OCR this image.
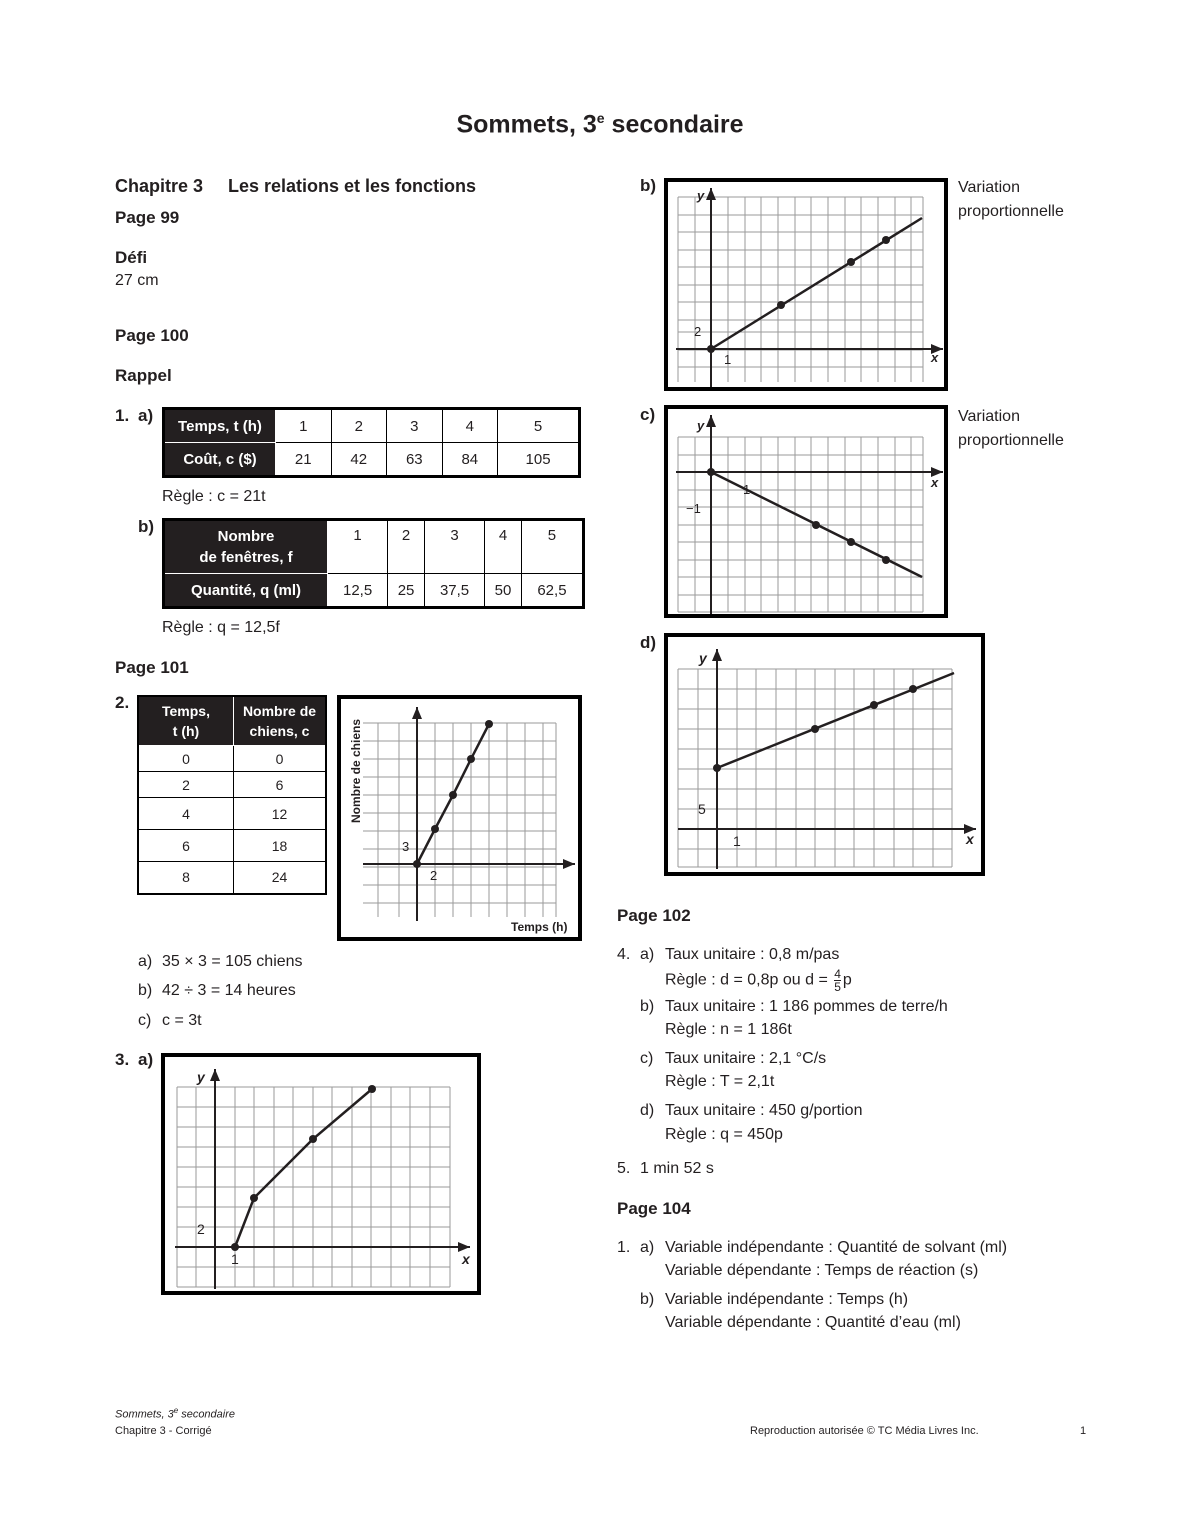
Sommets, 3e secondaire
Chapitre 3 Les relations et les fonctions
Page 99
Défi
27 cm
Page 100
Rappel
1. a)
Temps, t (h)	1	2	3	4	5
Coût, c ($)	21	42	63	84	105
Règle : c = 21t
b)
Nombre
de fenêtres, f	1	2	3	4	5
Quantité, q (ml)	12,5	25	37,5	50	62,5
Règle : q = 12,5f
Page 101
2. Temps,
t (h)	Nombre de
chiens, c
0	0
2	6
4	12
6	18
8	24
Nombre de chiens
Temps (h)
3
2
a) 35 × 3 = 105 chiens
b) 42 ÷ 3 = 14 heures
c) c = 3t
3. a)
y
x
2
1
b)
y
x
2
1
Variation
proportionnelle
c)
y
x
−1
1
Variation
proportionnelle
d)
y
x
5
1
Page 102
4. a) Taux unitaire : 0,8 m/pas
Règle : d = 0,8p ou $d = \frac{4}{5}$ p
b) Taux unitaire : 1 186 pommes de terre/h
Règle : n = 1 186t
c) Taux unitaire : 2,1 °C/s
Règle : T = 2,1t
d) Taux unitaire : 450 g/portion
Règle : q = 450p
5. 1 min 52 s
Page 104
1. a) Variable indépendante : Quantité de solvant (ml)
Variable dépendante : Temps de réaction (s)
b) Variable indépendante : Temps (h)
Variable dépendante : Quantité d’eau (ml)
Sommets, 3e secondaire
Chapitre 3 - Corrigé	Reproduction autorisée © TC Média Livres Inc.	1
